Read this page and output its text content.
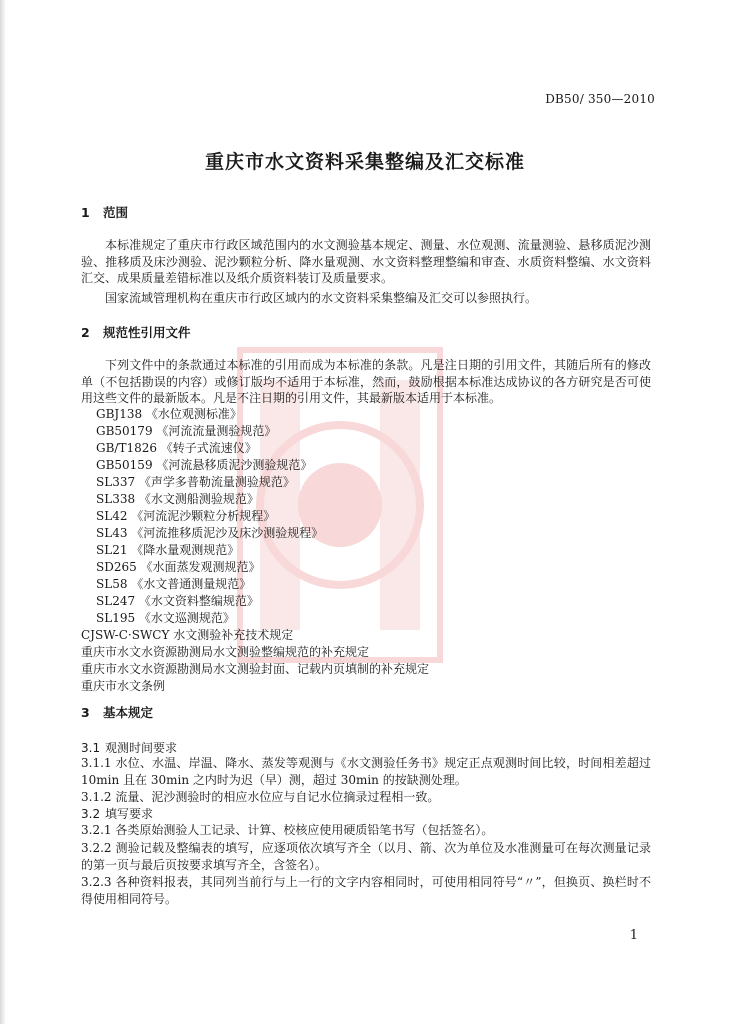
DB50/ 350—2010
重庆市水文资料采集整编及汇交标准
1 范围
本标准规定了重庆市行政区域范围内的水文测验基本规定、测量、水位观测、流量测验、悬移质泥沙测验、推移质及床沙测验、泥沙颗粒分析、降水量观测、水文资料整理整编和审查、水质资料整编、水文资料汇交、成果质量差错标准以及纸介质资料装订及质量要求。
国家流域管理机构在重庆市行政区域内的水文资料采集整编及汇交可以参照执行。
2 规范性引用文件
下列文件中的条款通过本标准的引用而成为本标准的条款。凡是注日期的引用文件，其随后所有的修改单（不包括勘误的内容）或修订版均不适用于本标准，然而，鼓励根据本标准达成协议的各方研究是否可使用这些文件的最新版本。凡是不注日期的引用文件，其最新版本适用于本标准。
GBJ138 《水位观测标准》
GB50179 《河流流量测验规范》
GB/T1826 《转子式流速仪》
GB50159 《河流悬移质泥沙测验规范》
SL337 《声学多普勒流量测验规范》
SL338 《水文测船测验规范》
SL42 《河流泥沙颗粒分析规程》
SL43 《河流推移质泥沙及床沙测验规程》
SL21 《降水量观测规范》
SD265 《水面蒸发观测规范》
SL58 《水文普通测量规范》
SL247 《水文资料整编规范》
SL195 《水文巡测规范》
CJSW-C·SWCY 水文测验补充技术规定
重庆市水文水资源勘测局水文测验整编规范的补充规定
重庆市水文水资源勘测局水文测验封面、记载内页填制的补充规定
重庆市水文条例
3 基本规定
3.1 观测时间要求
3.1.1 水位、水温、岸温、降水、蒸发等观测与《水文测验任务书》规定正点观测时间比较，时间相差超过 10min 且在 30min 之内时为迟（早）测，超过 30min 的按缺测处理。
3.1.2 流量、泥沙测验时的相应水位应与自记水位摘录过程相一致。
3.2 填写要求
3.2.1 各类原始测验人工记录、计算、校核应使用硬质铅笔书写（包括签名）。
3.2.2 测验记载及整编表的填写，应逐项依次填写齐全（以月、箭、次为单位及水准测量可在每次测量记录的第一页与最后页按要求填写齐全，含签名）。
3.2.3 各种资料报表，其同列当前行与上一行的文字内容相同时，可使用相同符号“〃”，但换页、换栏时不得使用相同符号。
1
